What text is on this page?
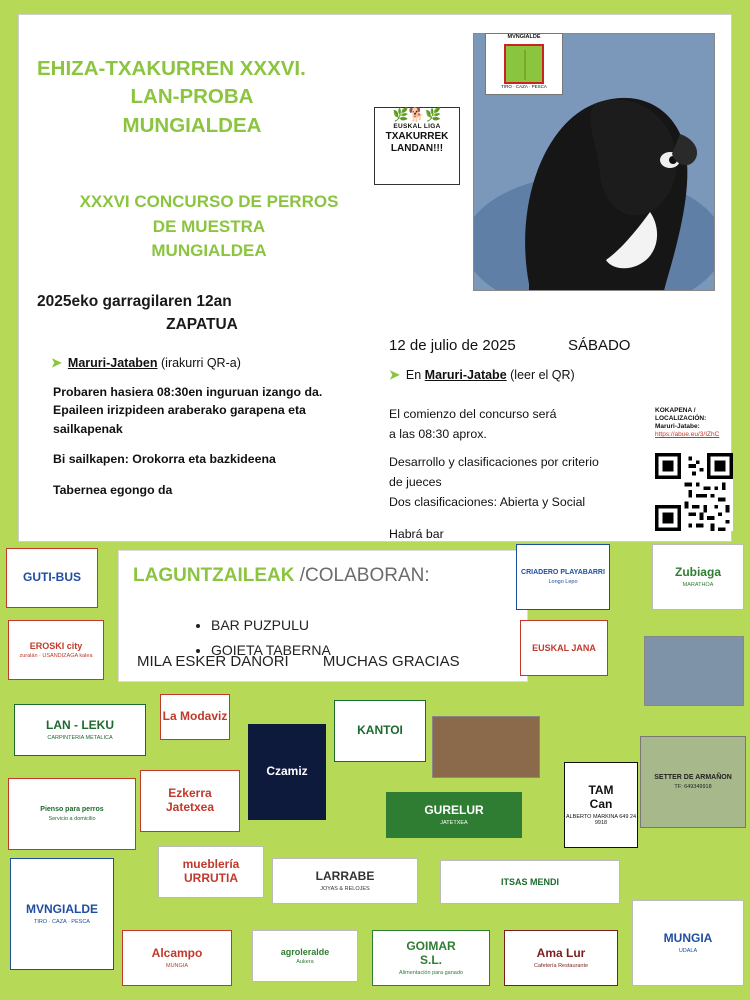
EHIZA-TXAKURREN XXXVI.
LAN-PROBA
MUNGIALDEA
XXXVI CONCURSO DE PERROS
DE MUESTRA
MUNGIALDEA
2025eko garragilaren 12an
ZAPATUA
➤ Maruri-Jataben (irakurri QR-a)
Probaren hasiera 08:30en inguruan izango da.
Epaileen irizpideen araberako garapena eta
sailkapenak
Bi sailkapen: Orokorra eta bazkideena
Tabernea egongo da
12 de julio de 2025	SÁBADO
➤ En Maruri-Jatabe (leer el QR)
El comienzo del concurso será
a las 08:30 aprox.
Desarrollo y clasificaciones por criterio
de jueces
Dos clasificaciones: Abierta y Social
Habrá bar
🌿🐕🌿
EUSKAL LIGA
TXAKURREK
LANDAN!!!
MVNGIALDE
TIRO · CAZA · PESCA
KOKAPENA /
LOCALIZACIÓN:
Maruri-Jatabe:
https://abue.eu/3/IZhC
LAGUNTZAILEAK /COLABORAN:
• BAR PUZPULU
• GOIETA TABERNA
MILA ESKER DANORI MUCHAS GRACIAS
GUTI-BUS	CRIADERO PLAYABARRI
Longo Lepo
Zubiaga
MARATHOA
EROSKI city
zuralán · USANDIZAGA kalea
EUSKAL JANA
La Modaviz
LAN - LEKU
CARPINTERIA METALICA
KANTOI
Czamiz	SETTER DE ARMAÑON
TF: 649349918
TAM
Can
ALBERTO MARKINA 649 24 9918
Ezkerra
Jatetxea	GURELUR
JATETXEA
Pienso para perros
Servicio a domicilio
mueblería
URRUTIA	LARRABE
JOYAS & RELOJES
ITSAS MENDI
MVNGIALDE
TIRO · CAZA · PESCA
Alcampo
MUNGIA
agroleralde
Aukera
GOIMAR
S.L.
Alimentación para ganado
Ama Lur
Cafetería Restaurante
MUNGIA
UDALA
